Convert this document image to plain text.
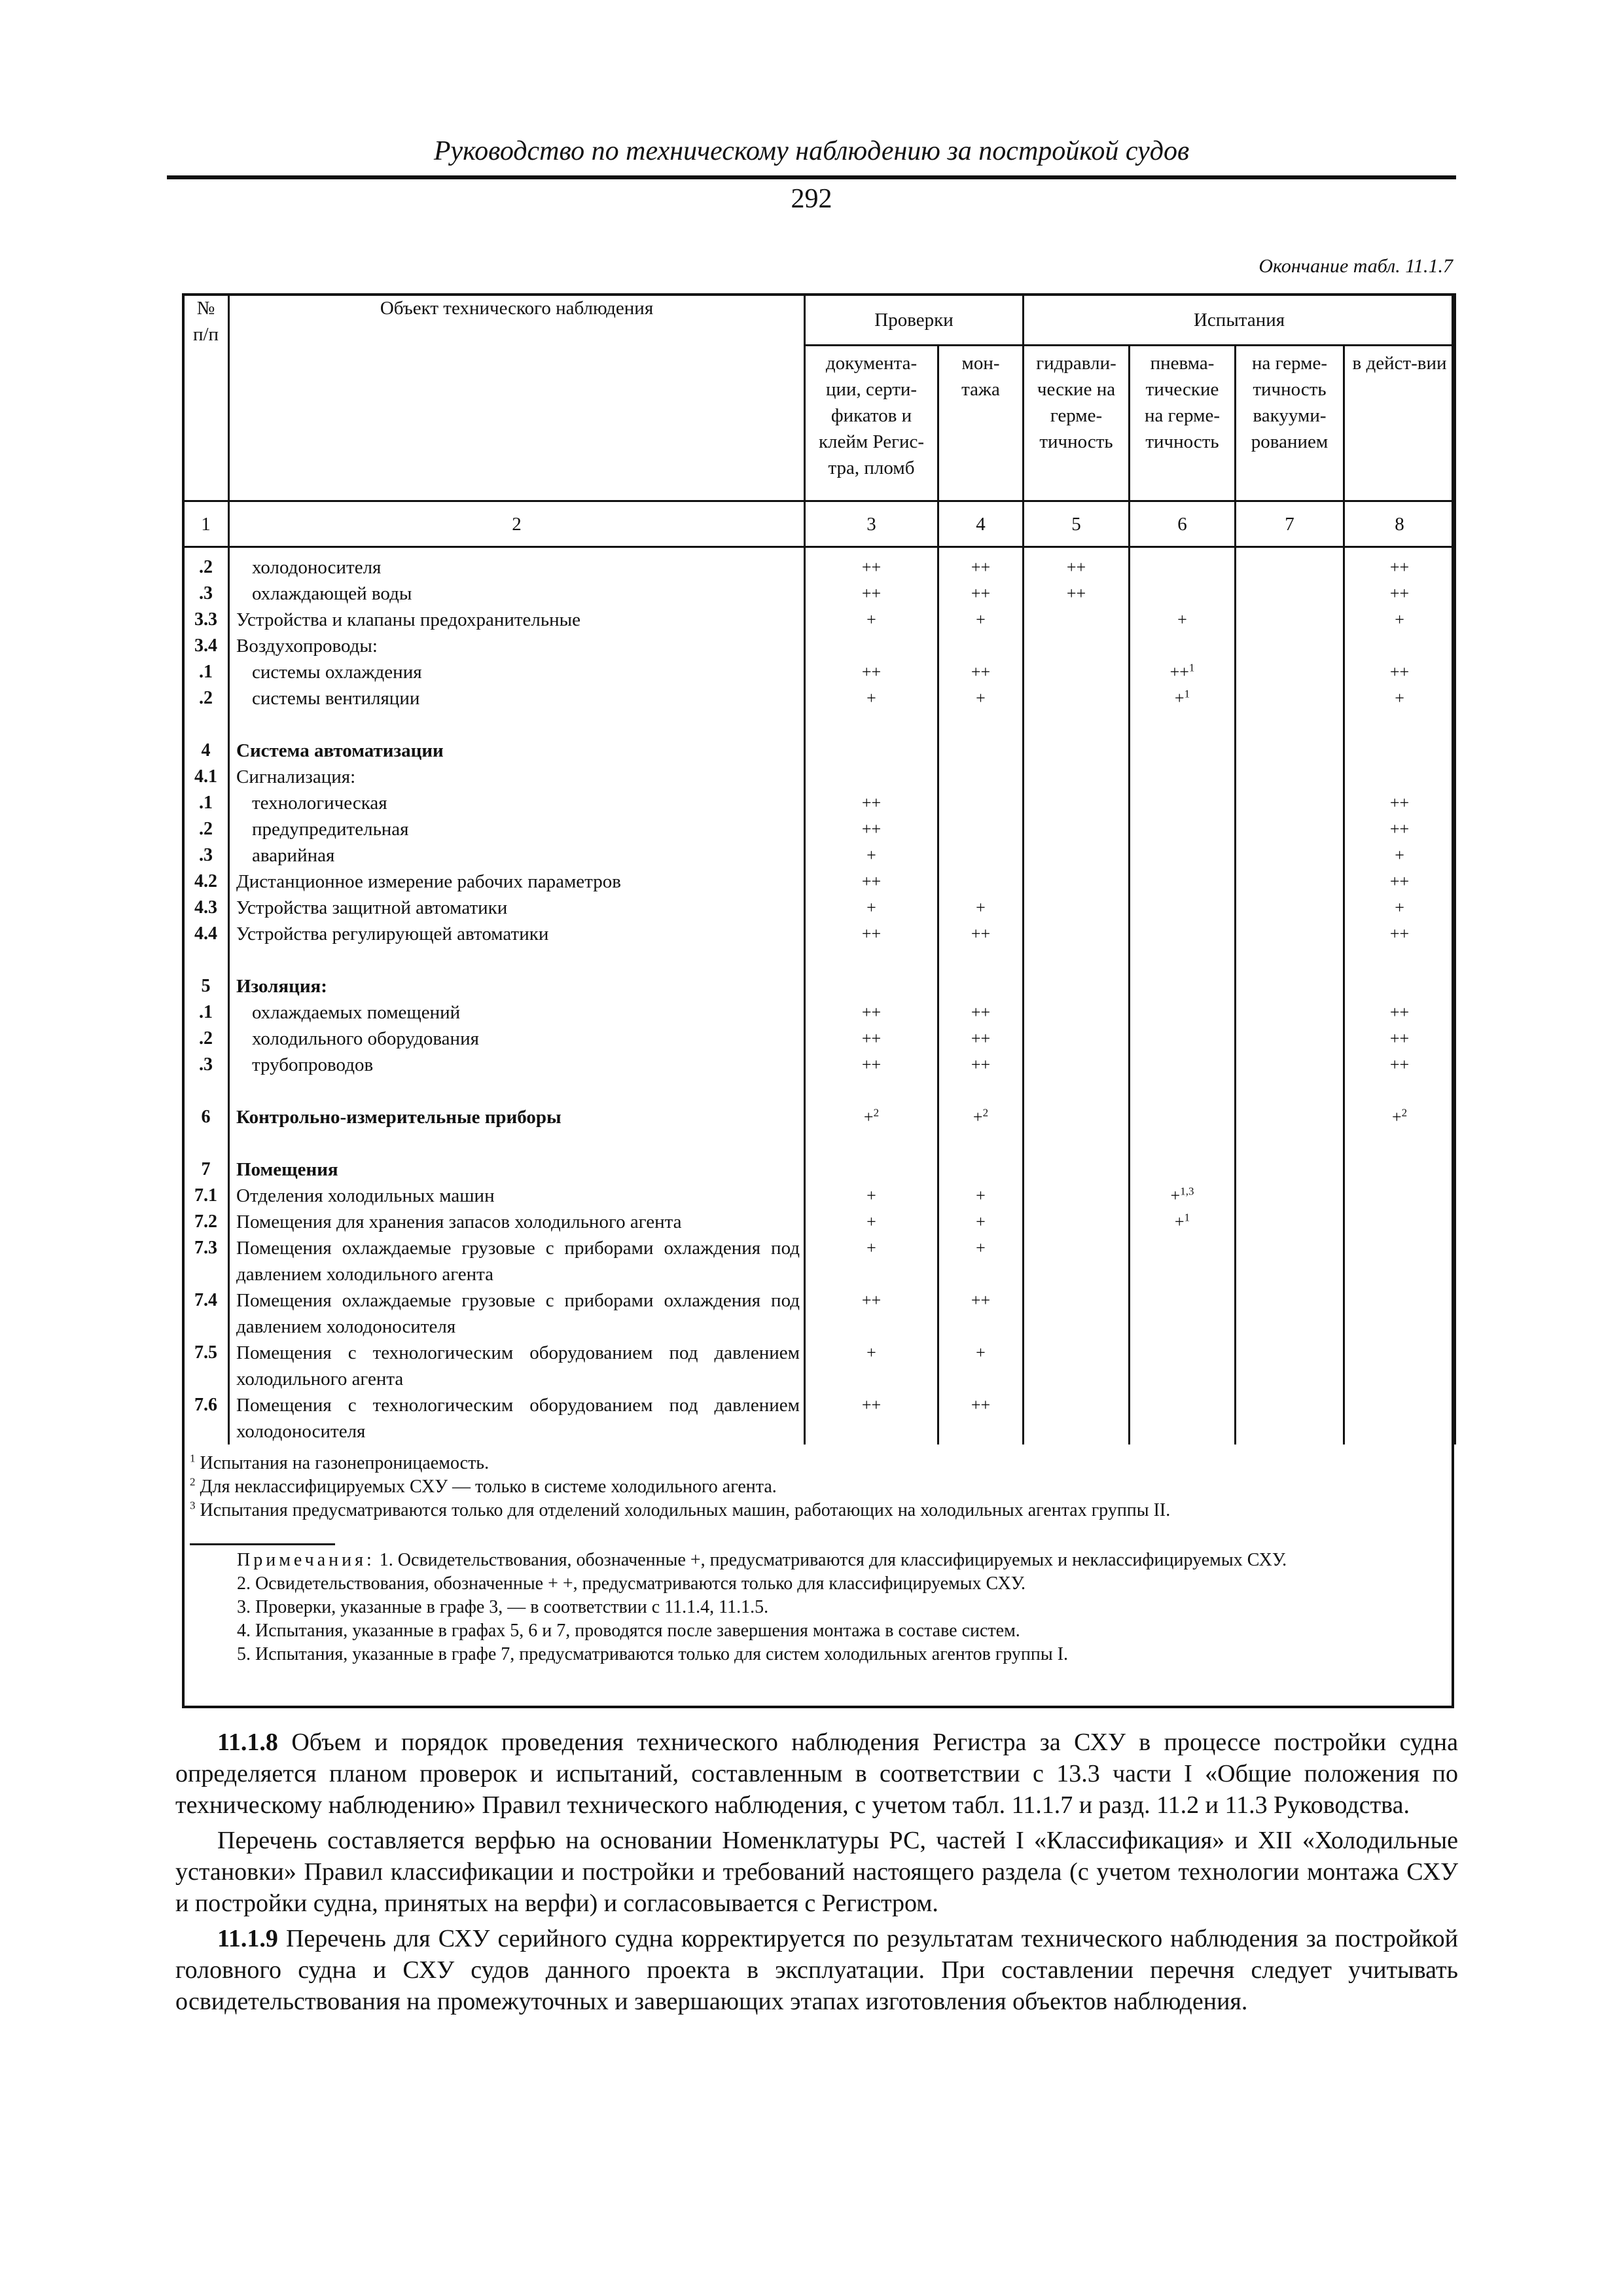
Руководство по техническому наблюдению за постройкой судов
292
Окончание табл. 11.1.7
№ п/п	Объект технического наблюдения	Проверки		Испытания			
		документа-ции, серти-фикатов и клейм Регис-тра, пломб	мон-тажа	гидравли-ческие на герме-тичность	пневма-тические на герме-тичность	на герме-тичность вакууми-рованием	в дейст-вии
1	2	3	4	5	6	7	8

.2	холодоносителя	++	++	++			++
.3	охлаждающей воды	++	++	++			++
3.3	Устройства и клапаны предохранительные	+	+		+		+
3.4	Воздухопроводы:						
.1	системы охлаждения	++	++		++$^1$		++
.2	системы вентиляции	+	+		+$^1$		+

4	Система автоматизации						
4.1	Сигнализация:						
.1	технологическая	++					++
.2	предупредительная	++					++
.3	аварийная	+					+
4.2	Дистанционное измерение рабочих параметров	++					++
4.3	Устройства защитной автоматики	+	+				+
4.4	Устройства регулирующей автоматики	++	++				++

5	Изоляция:						
.1	охлаждаемых помещений	++	++				++
.2	холодильного оборудования	++	++				++
.3	трубопроводов	++	++				++

6	Контрольно-измерительные приборы	+$^2$	+$^2$				+$^2$

7	Помещения						
7.1	Отделения холодильных машин	+	+		+$^{1,3}$		
7.2	Помещения для хранения запасов холодильного агента	+	+		+$^1$		
7.3	Помещения охлаждаемые грузовые с приборами охлаждения под давлением холодильного агента	+	+				
7.4	Помещения охлаждаемые грузовые с приборами охлаждения под давлением холодоносителя	++	++				
7.5	Помещения с технологическим оборудованием под давлением холодильного агента	+	+				
7.6	Помещения с технологическим оборудованием под давлением холодоносителя	++	++				

$^1$ Испытания на газонепроницаемость.

$^2$ Для неклассифицируемых СХУ — только в системе холодильного агента.

$^3$ Испытания предусматриваются только для отделений холодильных машин, работающих на холодильных агентах группы II.

Примечания: 1. Освидетельствования, обозначенные +, предусматриваются для классифицируемых и неклассифицируемых СХУ.

2. Освидетельствования, обозначенные + +, предусматриваются только для классифицируемых СХУ.

3. Проверки, указанные в графе 3, — в соответствии с 11.1.4, 11.1.5.

4. Испытания, указанные в графах 5, 6 и 7, проводятся после завершения монтажа в составе систем.

5. Испытания, указанные в графе 7, предусматриваются только для систем холодильных агентов группы I.

11.1.8 Объем и порядок проведения технического наблюдения Регистра за СХУ в процессе постройки судна определяется планом проверок и испытаний, составленным в соответствии с 13.3 части I «Общие положения по техническому наблюдению» Правил технического наблюдения, с учетом табл. 11.1.7 и разд. 11.2 и 11.3 Руководства.

Перечень составляется верфью на основании Номенклатуры РС, частей I «Классификация» и XII «Холодильные установки» Правил классификации и постройки и требований настоящего раздела (с учетом технологии монтажа СХУ и постройки судна, принятых на верфи) и согласовывается с Регистром.

11.1.9 Перечень для СХУ серийного судна корректируется по результатам технического наблюдения за постройкой головного судна и СХУ судов данного проекта в эксплуатации. При составлении перечня следует учитывать освидетельствования на промежуточных и завершающих этапах изготовления объектов наблюдения.
